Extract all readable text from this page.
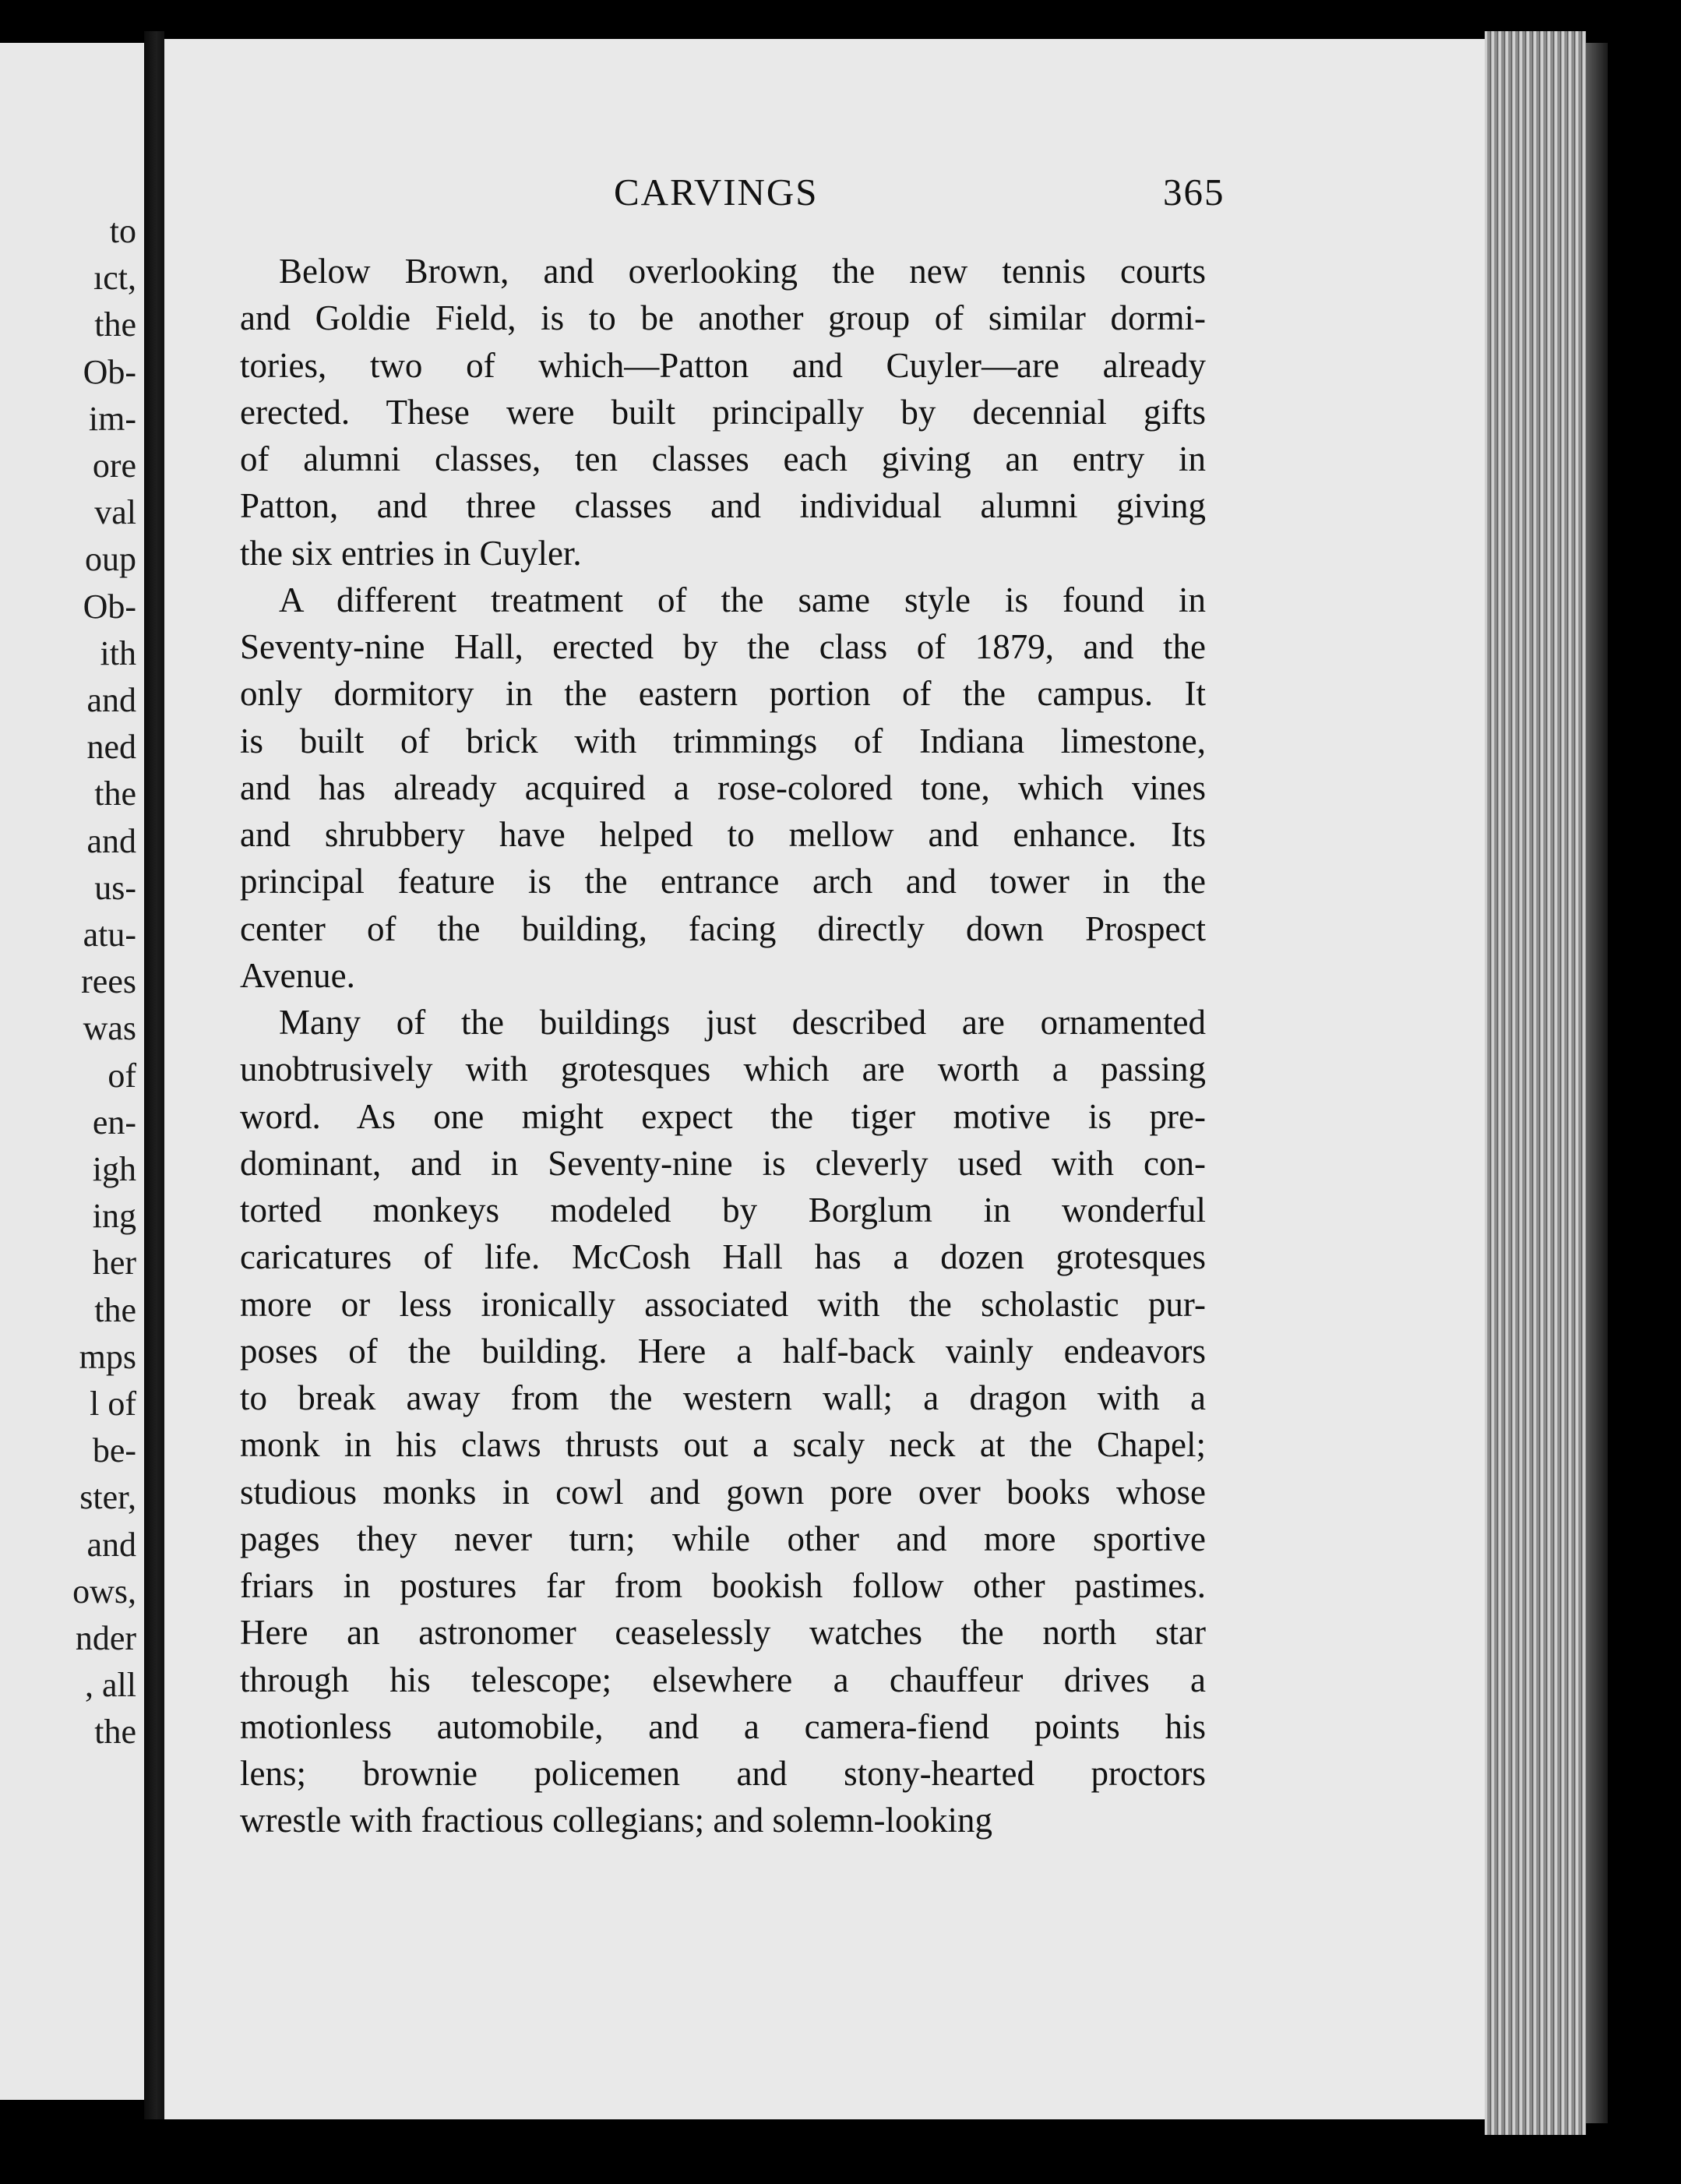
to
ıct,
the
Ob-
im-
ore
val
oup
Ob-
ith
and
ned
the
and
us-
atu-
rees
was
of
en-
igh
ing
her
the
mps
l of
be-
ster,
and
ows,
nder
, all
the
CARVINGS	365
Below Brown, and overlooking the new tennis courts
and Goldie Field, is to be another group of similar dormi-
tories, two of which—Patton and Cuyler—are already
erected. These were built principally by decennial gifts
of alumni classes, ten classes each giving an entry in
Patton, and three classes and individual alumni giving
the six entries in Cuyler.
A different treatment of the same style is found in
Seventy-nine Hall, erected by the class of 1879, and the
only dormitory in the eastern portion of the campus. It
is built of brick with trimmings of Indiana limestone,
and has already acquired a rose-colored tone, which vines
and shrubbery have helped to mellow and enhance. Its
principal feature is the entrance arch and tower in the
center of the building, facing directly down Prospect
Avenue.
Many of the buildings just described are ornamented
unobtrusively with grotesques which are worth a passing
word. As one might expect the tiger motive is pre-
dominant, and in Seventy-nine is cleverly used with con-
torted monkeys modeled by Borglum in wonderful
caricatures of life. McCosh Hall has a dozen grotesques
more or less ironically associated with the scholastic pur-
poses of the building. Here a half-back vainly endeavors
to break away from the western wall; a dragon with a
monk in his claws thrusts out a scaly neck at the Chapel;
studious monks in cowl and gown pore over books whose
pages they never turn; while other and more sportive
friars in postures far from bookish follow other pastimes.
Here an astronomer ceaselessly watches the north star
through his telescope; elsewhere a chauffeur drives a
motionless automobile, and a camera-fiend points his
lens; brownie policemen and stony-hearted proctors
wrestle with fractious collegians; and solemn-looking
